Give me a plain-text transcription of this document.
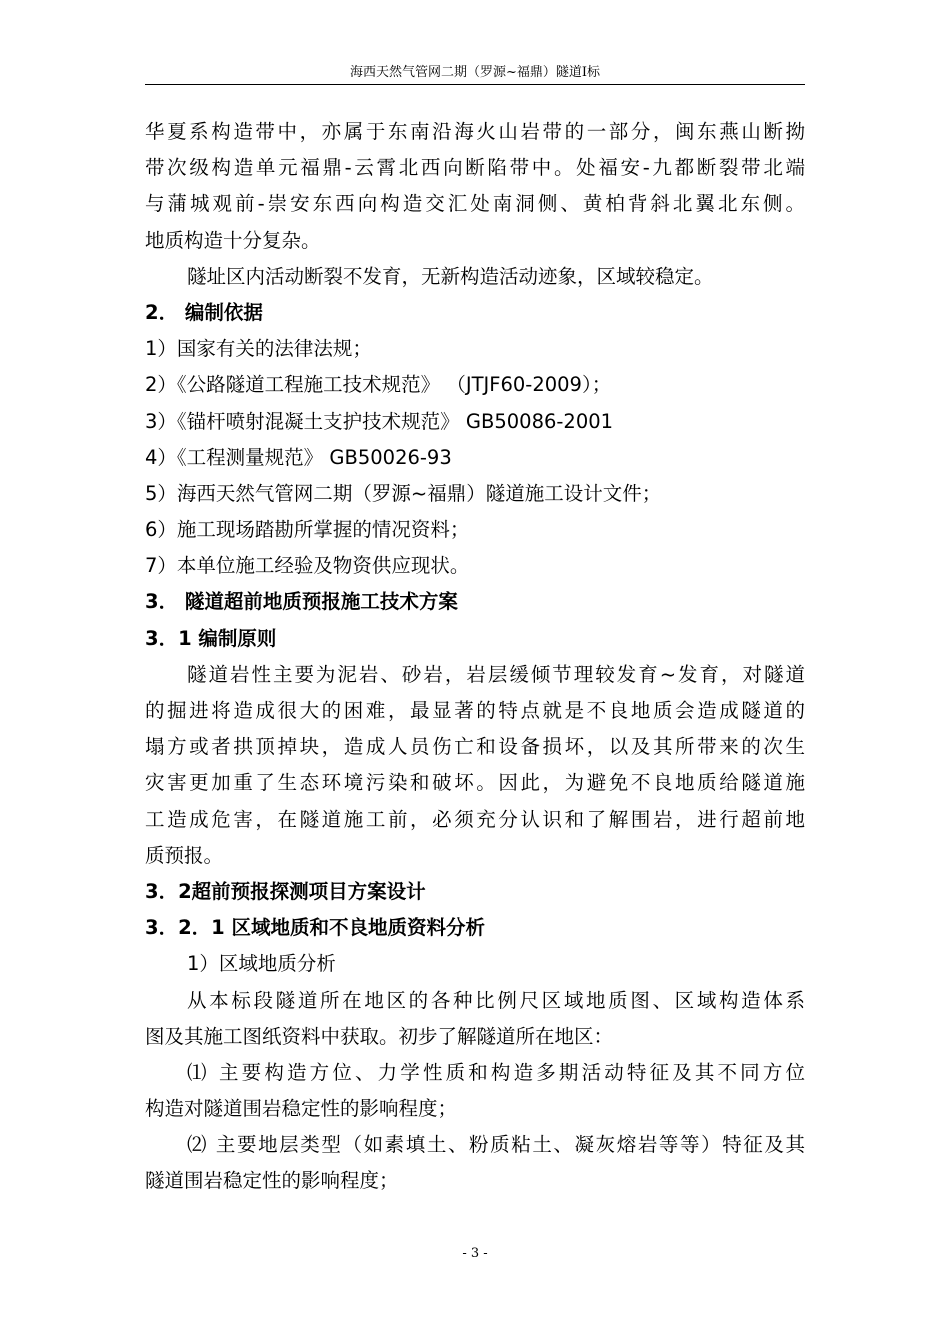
海西天然气管网二期（罗源~福鼎）隧道Ⅰ标
华夏系构造带中，亦属于东南沿海火山岩带的一部分，闽东燕山断拗
带次级构造单元福鼎-云霄北西向断陷带中。处福安-九都断裂带北端
与蒲城观前-崇安东西向构造交汇处南洞侧、黄柏背斜北翼北东侧。
地质构造十分复杂。
隧址区内活动断裂不发育，无新构造活动迹象，区域较稳定。
2． 编制依据
1）国家有关的法律法规；
2）《公路隧道工程施工技术规范》 （JTJF60-2009）；
3）《锚杆喷射混凝土支护技术规范》 GB50086-2001
4）《工程测量规范》 GB50026-93
5）海西天然气管网二期（罗源~福鼎）隧道施工设计文件；
6）施工现场踏勘所掌握的情况资料；
7）本单位施工经验及物资供应现状。
3． 隧道超前地质预报施工技术方案
3．1 编制原则
隧道岩性主要为泥岩、砂岩，岩层缓倾节理较发育~发育，对隧道
的掘进将造成很大的困难，最显著的特点就是不良地质会造成隧道的
塌方或者拱顶掉块，造成人员伤亡和设备损坏，以及其所带来的次生
灾害更加重了生态环境污染和破坏。因此，为避免不良地质给隧道施
工造成危害，在隧道施工前，必须充分认识和了解围岩，进行超前地
质预报。
3．2超前预报探测项目方案设计
3．2．1 区域地质和不良地质资料分析
1）区域地质分析
从本标段隧道所在地区的各种比例尺区域地质图、区域构造体系
图及其施工图纸资料中获取。初步了解隧道所在地区：
⑴ 主要构造方位、力学性质和构造多期活动特征及其不同方位
构造对隧道围岩稳定性的影响程度；
⑵ 主要地层类型（如素填土、粉质粘土、凝灰熔岩等等）特征及其
隧道围岩稳定性的影响程度；
- 3 -
